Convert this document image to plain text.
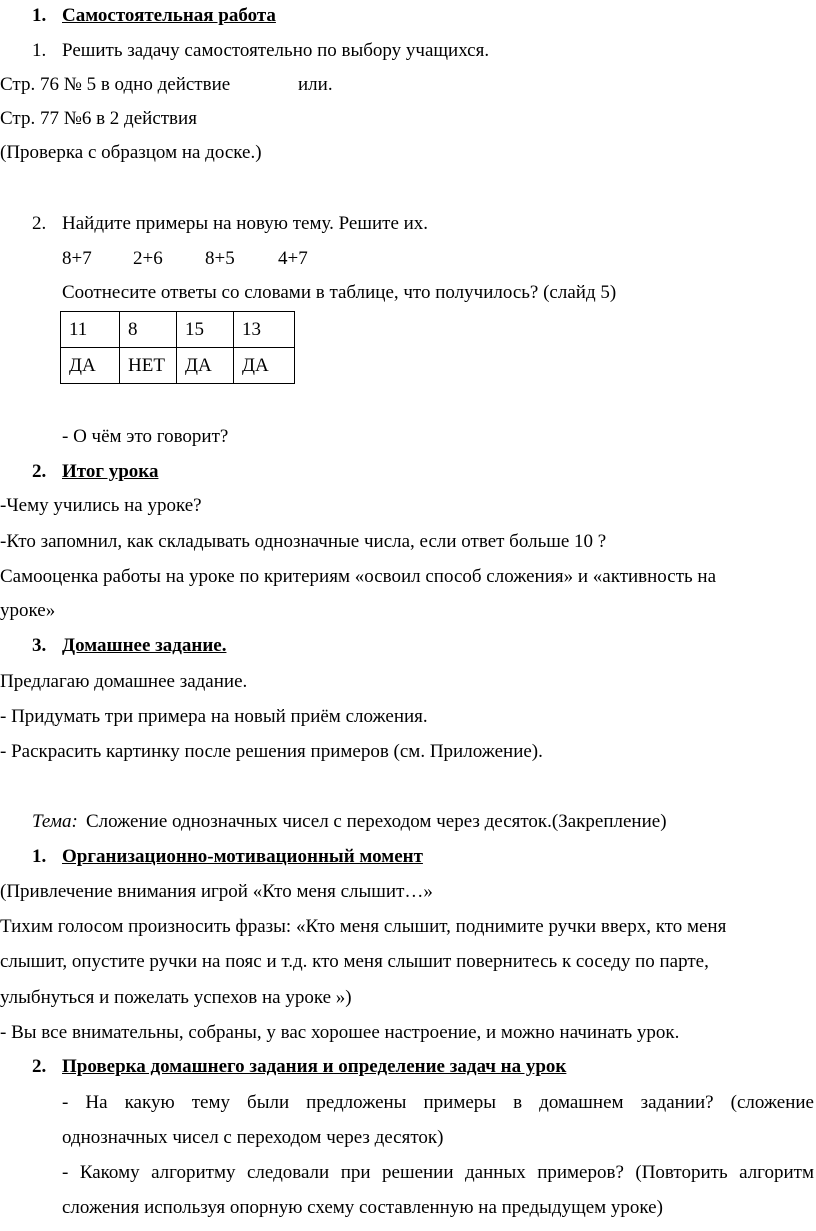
1. Самостоятельная работа
1. Решить задачу самостоятельно по выбору учащихся.
Стр. 76 № 5 в одно действие	или.
Стр. 77 №6 в 2 действия
(Проверка с образцом на доске.)
2. Найдите примеры на новую тему. Решите их.
8+7 2+6 8+5 4+7
Соотнесите ответы со словами в таблице, что получилось? (слайд 5)
11	8	15	13
ДА	НЕТ	ДА	ДА
- О чём это говорит?
2. Итог урока
-Чему учились на уроке?
-Кто запомнил, как складывать однозначные числа, если ответ больше 10 ?
Самооценка работы на уроке по критериям «освоил способ сложения» и «активность на
уроке»
3. Домашнее задание.
Предлагаю домашнее задание.
- Придумать три примера на новый приём сложения.
- Раскрасить картинку после решения примеров (см. Приложение).
Тема: Сложение однозначных чисел с переходом через десяток.(Закрепление)
1. Организационно-мотивационный момент
(Привлечение внимания игрой «Кто меня слышит…»
Тихим голосом произносить фразы: «Кто меня слышит, поднимите ручки вверх, кто меня
слышит, опустите ручки на пояс и т.д. кто меня слышит повернитесь к соседу по парте,
улыбнуться и пожелать успехов на уроке »)
- Вы все внимательны, собраны, у вас хорошее настроение, и можно начинать урок.
2. Проверка домашнего задания и определение задач на урок
- На какую тему были предложены примеры в домашнем задании? (сложение
однозначных чисел с переходом через десяток)
- Какому алгоритму следовали при решении данных примеров? (Повторить алгоритм
сложения используя опорную схему составленную на предыдущем уроке)
